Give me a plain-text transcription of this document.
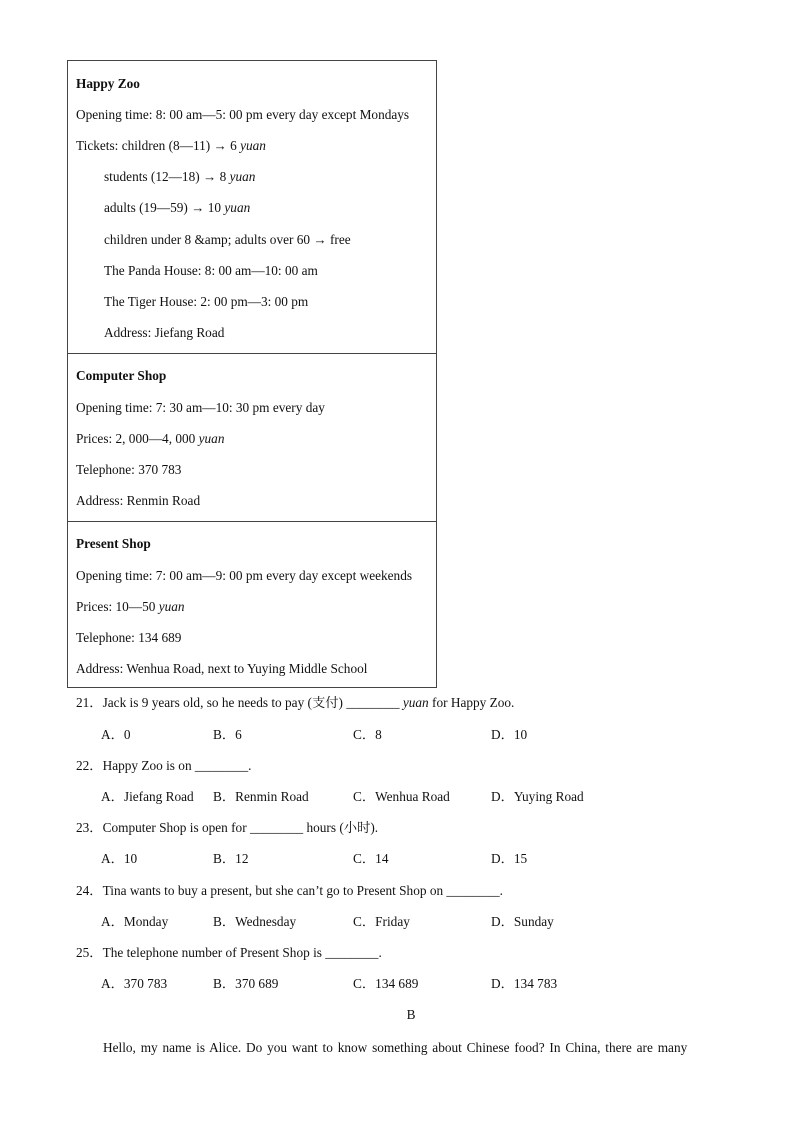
Happy Zoo
Opening time: 8: 00 am—5: 00 pm every day except Mondays
Tickets: children (8—11) → 6 yuan
students (12—18) → 8 yuan
adults (19—59) → 10 yuan
children under 8 &amp; adults over 60 → free
The Panda House: 8: 00 am—10: 00 am
The Tiger House: 2: 00 pm—3: 00 pm
Address: Jiefang Road
Computer Shop
Opening time: 7: 30 am—10: 30 pm every day
Prices: 2, 000—4, 000 yuan
Telephone: 370 783
Address: Renmin Road
Present Shop
Opening time: 7: 00 am—9: 00 pm every day except weekends
Prices: 10—50 yuan
Telephone: 134 689
Address: Wenhua Road, next to Yuying Middle School
21．Jack is 9 years old, so he needs to pay (支付) ________ yuan for Happy Zoo.
A．0	B．6	C．8	D．10
22．Happy Zoo is on ________.
A．Jiefang Road B．Renmin Road	C．Wenhua Road	D．Yuying Road
23．Computer Shop is open for ________ hours (小时).
A．10	B．12	C．14	D．15
24．Tina wants to buy a present, but she can’t go to Present Shop on ________.
A．Monday	B．Wednesday	C．Friday	D．Sunday
25．The telephone number of Present Shop is ________.
A．370 783	B．370 689	C．134 689	D．134 783
B
Hello, my name is Alice. Do you want to know something about Chinese food? In China, there are many
